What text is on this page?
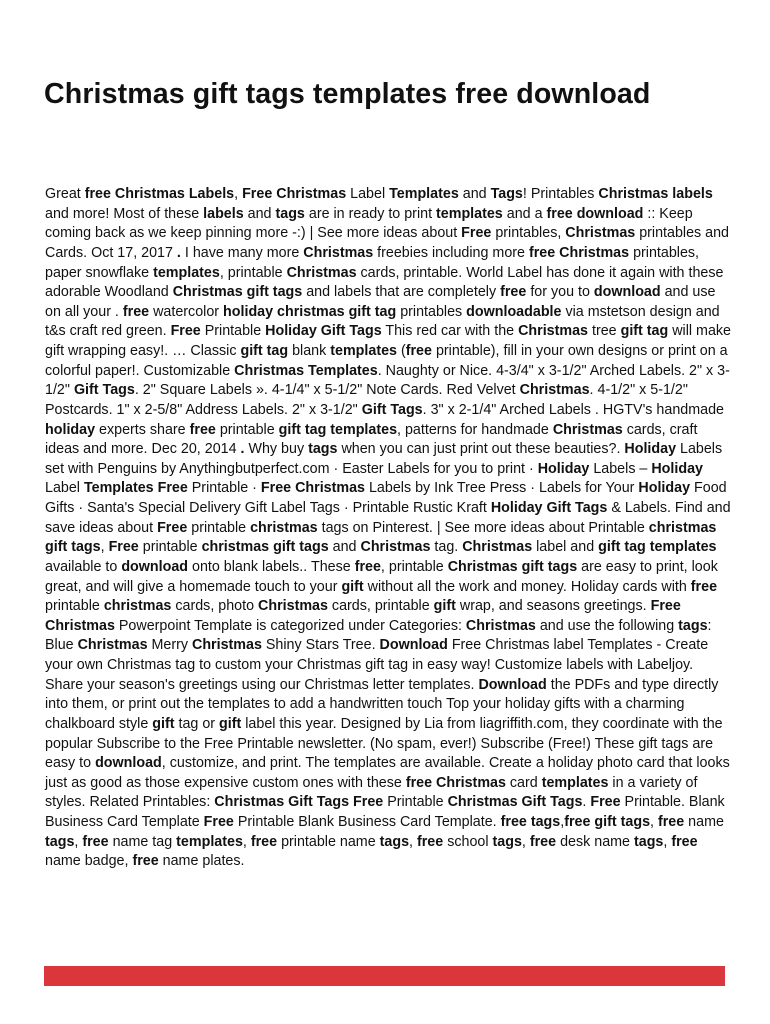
Christmas gift tags templates free download

Great free Christmas Labels, Free Christmas Label Templates and Tags! Printables Christmas labels and more! Most of these labels and tags are in ready to print templates and a free download :: Keep coming back as we keep pinning more -:) | See more ideas about Free printables, Christmas printables and Cards. Oct 17, 2017 . I have many more Christmas freebies including more free Christmas printables, paper snowflake templates, printable Christmas cards, printable. World Label has done it again with these adorable Woodland Christmas gift tags and labels that are completely free for you to download and use on all your . free watercolor holiday christmas gift tag printables downloadable via mstetson design and t&s craft red green. Free Printable Holiday Gift Tags This red car with the Christmas tree gift tag will make gift wrapping easy!. … Classic gift tag blank templates (free printable), fill in your own designs or print on a colorful paper!. Customizable Christmas Templates. Naughty or Nice. 4-3/4" x 3-1/2" Arched Labels. 2" x 3-1/2" Gift Tags. 2" Square Labels ». 4-1/4" x 5-1/2" Note Cards. Red Velvet Christmas. 4-1/2" x 5-1/2" Postcards. 1" x 2-5/8" Address Labels. 2" x 3-1/2" Gift Tags. 3" x 2-1/4" Arched Labels . HGTV's handmade holiday experts share free printable gift tag templates, patterns for handmade Christmas cards, craft ideas and more. Dec 20, 2014 . Why buy tags when you can just print out these beauties?. Holiday Labels set with Penguins by Anythingbutperfect.com · Easter Labels for you to print · Holiday Labels – Holiday Label Templates Free Printable · Free Christmas Labels by Ink Tree Press · Labels for Your Holiday Food Gifts · Santa's Special Delivery Gift Label Tags · Printable Rustic Kraft Holiday Gift Tags & Labels. Find and save ideas about Free printable christmas tags on Pinterest. | See more ideas about Printable christmas gift tags, Free printable christmas gift tags and Christmas tag. Christmas label and gift tag templates available to download onto blank labels.. These free, printable Christmas gift tags are easy to print, look great, and will give a homemade touch to your gift without all the work and money. Holiday cards with free printable christmas cards, photo Christmas cards, printable gift wrap, and seasons greetings. Free Christmas Powerpoint Template is categorized under Categories: Christmas and use the following tags: Blue Christmas Merry Christmas Shiny Stars Tree. Download Free Christmas label Templates - Create your own Christmas tag to custom your Christmas gift tag in easy way! Customize labels with Labeljoy. Share your season's greetings using our Christmas letter templates. Download the PDFs and type directly into them, or print out the templates to add a handwritten touch Top your holiday gifts with a charming chalkboard style gift tag or gift label this year. Designed by Lia from liagriffith.com, they coordinate with the popular Subscribe to the Free Printable newsletter. (No spam, ever!) Subscribe (Free!) These gift tags are easy to download, customize, and print. The templates are available. Create a holiday photo card that looks just as good as those expensive custom ones with these free Christmas card templates in a variety of styles. Related Printables: Christmas Gift Tags Free Printable Christmas Gift Tags. Free Printable. Blank Business Card Template Free Printable Blank Business Card Template. free tags,free gift tags, free name tags, free name tag templates, free printable name tags, free school tags, free desk name tags, free name badge, free name plates.
